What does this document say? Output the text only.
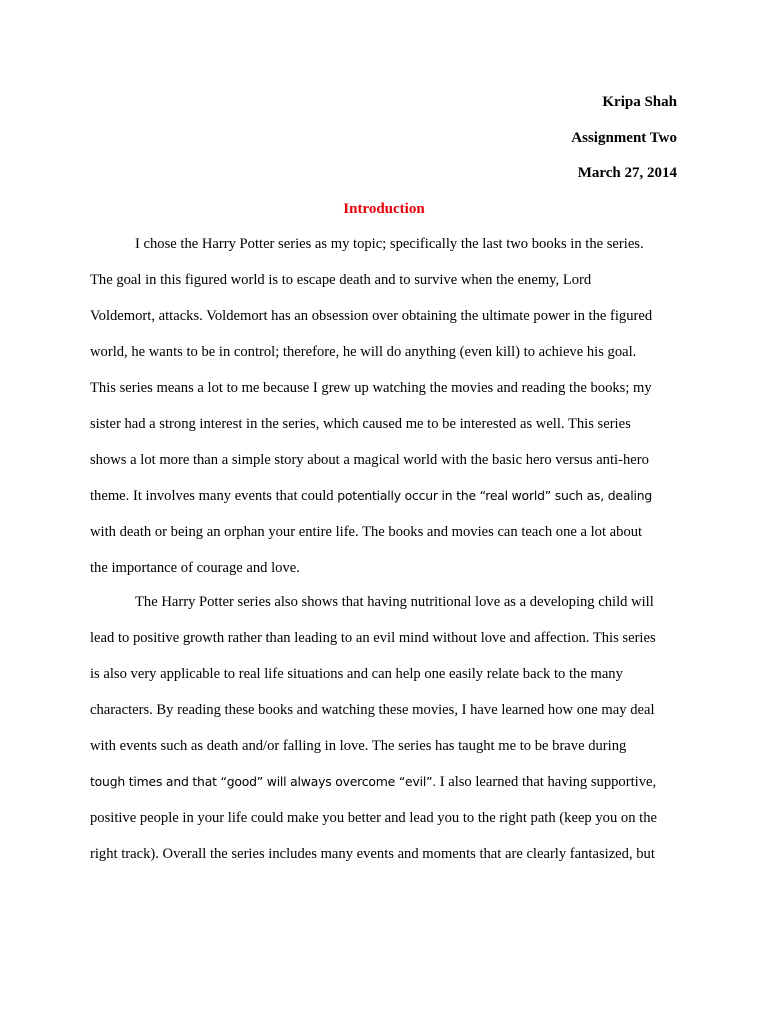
Kripa Shah
Assignment Two
March 27, 2014
Introduction
I chose the Harry Potter series as my topic; specifically the last two books in the series.
The goal in this figured world is to escape death and to survive when the enemy, Lord
Voldemort, attacks. Voldemort has an obsession over obtaining the ultimate power in the figured
world, he wants to be in control; therefore, he will do anything (even kill) to achieve his goal.
This series means a lot to me because I grew up watching the movies and reading the books; my
sister had a strong interest in the series, which caused me to be interested as well. This series
shows a lot more than a simple story about a magical world with the basic hero versus anti-hero
theme. It involves many events that could potentially occur in the “real world” such as, dealing
with death or being an orphan your entire life. The books and movies can teach one a lot about
the importance of courage and love.
The Harry Potter series also shows that having nutritional love as a developing child will
lead to positive growth rather than leading to an evil mind without love and affection. This series
is also very applicable to real life situations and can help one easily relate back to the many
characters. By reading these books and watching these movies, I have learned how one may deal
with events such as death and/or falling in love. The series has taught me to be brave during
tough times and that “good” will always overcome “evil”. I also learned that having supportive,
positive people in your life could make you better and lead you to the right path (keep you on the
right track). Overall the series includes many events and moments that are clearly fantasized, but
